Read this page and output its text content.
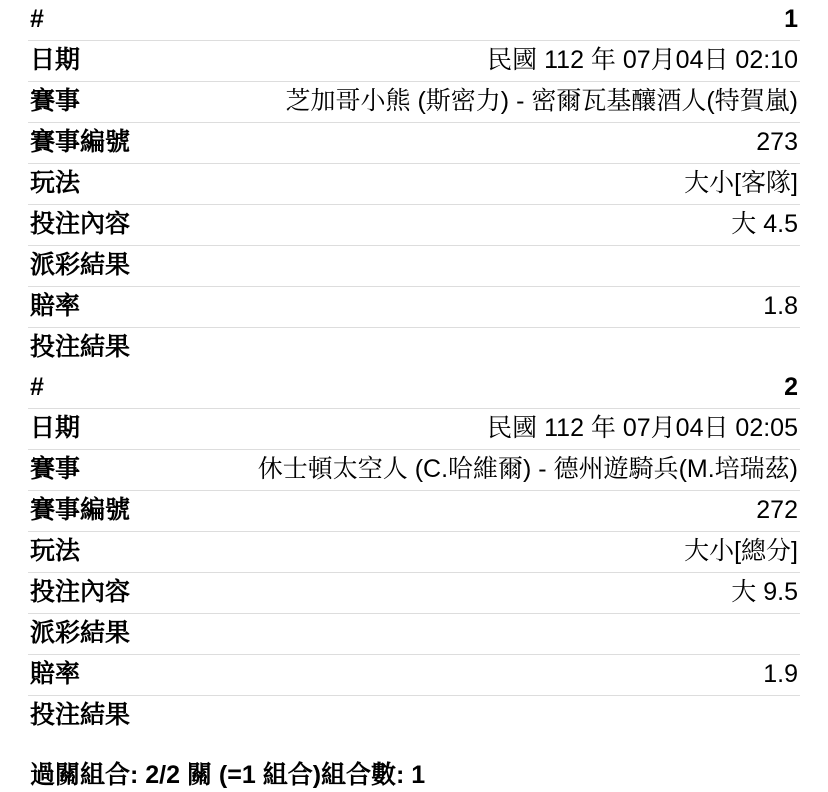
#	1
日期	民國 112 年 07月04日 02:10
賽事	芝加哥小熊 (斯密力) - 密爾瓦基釀酒人(特賀嵐)
賽事編號	273
玩法	大小[客隊]
投注內容	大 4.5
派彩結果
賠率	1.8
投注結果
#	2
日期	民國 112 年 07月04日 02:05
賽事	休士頓太空人 (C.哈維爾) - 德州遊騎兵(M.培瑞茲)
賽事編號	272
玩法	大小[總分]
投注內容	大 9.5
派彩結果
賠率	1.9
投注結果
過關組合: 2/2 關 (=1 組合)組合數: 1
